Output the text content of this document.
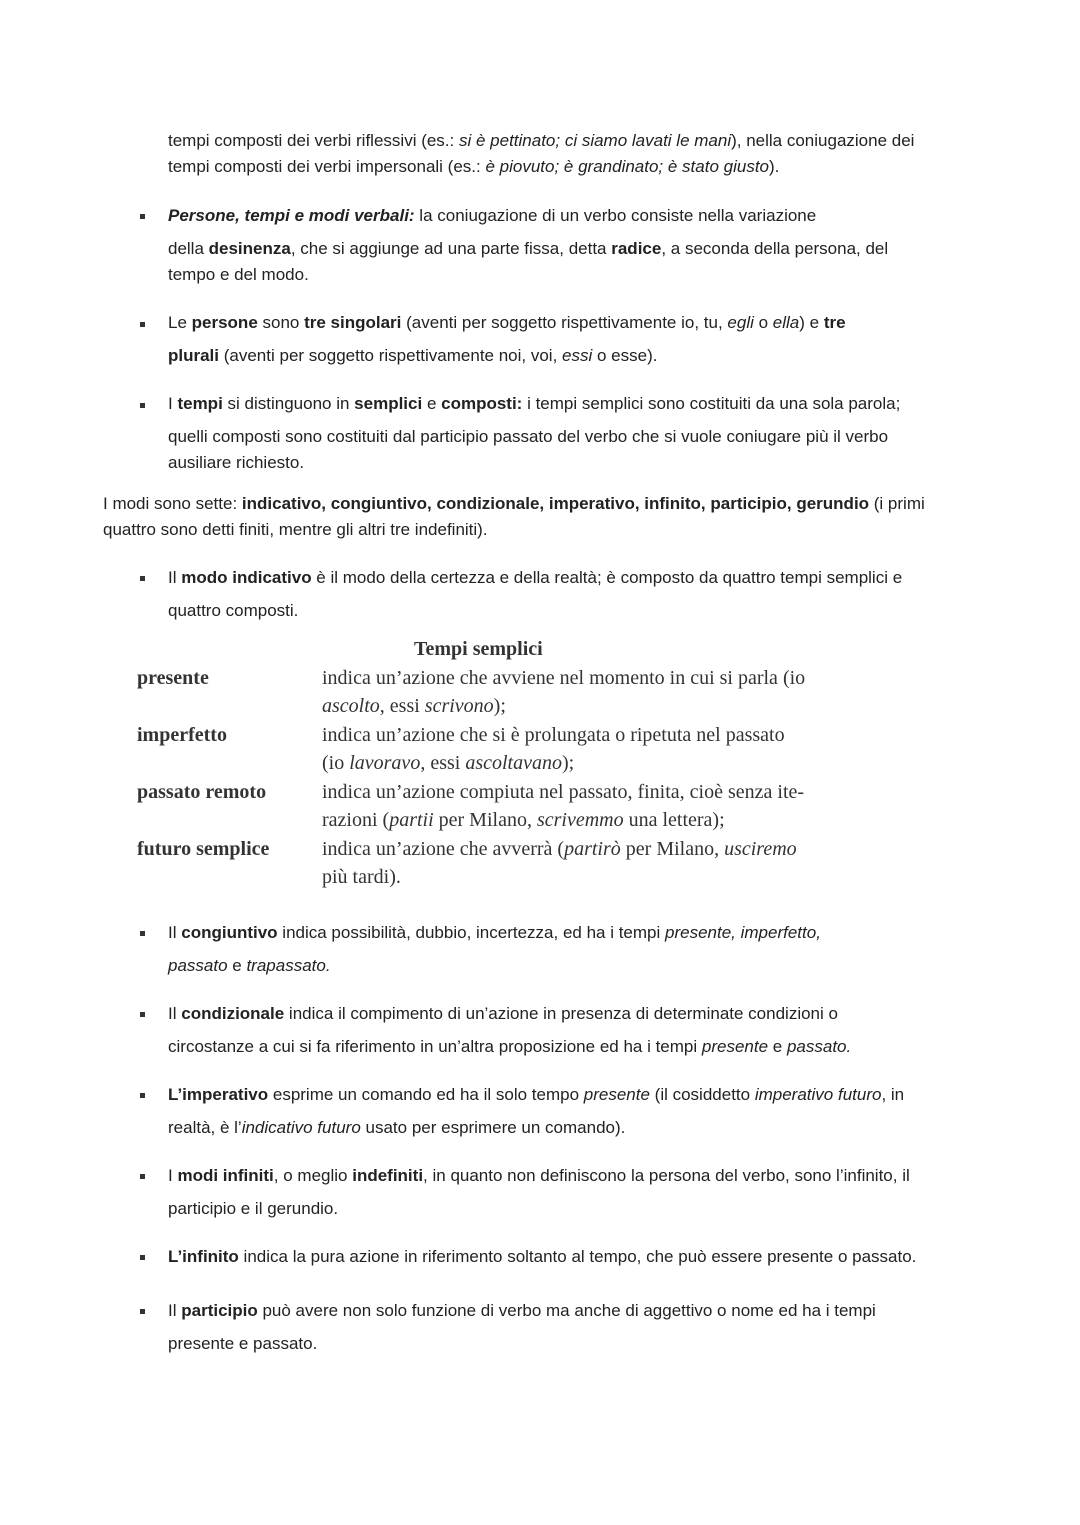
tempi composti dei verbi riflessivi (es.: si è pettinato; ci siamo lavati le mani), nella coniugazione dei
tempi composti dei verbi impersonali (es.: è piovuto; è grandinato; è stato giusto).
Persone, tempi e modi verbali: la coniugazione di un verbo consiste nella variazione
della desinenza, che si aggiunge ad una parte fissa, detta radice, a seconda della persona, del
tempo e del modo.
Le persone sono tre singolari (aventi per soggetto rispettivamente io, tu, egli o ella) e tre
plurali (aventi per soggetto rispettivamente noi, voi, essi o esse).
I tempi si distinguono in semplici e composti: i tempi semplici sono costituiti da una sola parola;
quelli composti sono costituiti dal participio passato del verbo che si vuole coniugare più il verbo
ausiliare richiesto.
I modi sono sette: indicativo, congiuntivo, condizionale, imperativo, infinito, participio, gerundio (i primi
quattro sono detti finiti, mentre gli altri tre indefiniti).
Il modo indicativo è il modo della certezza e della realtà; è composto da quattro tempi semplici e
quattro composti.
Tempi semplici
presente	indica un’azione che avviene nel momento in cui si parla (io
ascolto, essi scrivono);
imperfetto	indica un’azione che si è prolungata o ripetuta nel passato
(io lavoravo, essi ascoltavano);
passato remoto	indica un’azione compiuta nel passato, finita, cioè senza ite-
razioni (partii per Milano, scrivemmo una lettera);
futuro semplice	indica un’azione che avverrà (partirò per Milano, usciremo
più tardi).
Il congiuntivo indica possibilità, dubbio, incertezza, ed ha i tempi presente, imperfetto,
passato e trapassato.
Il condizionale indica il compimento di un’azione in presenza di determinate condizioni o
circostanze a cui si fa riferimento in un’altra proposizione ed ha i tempi presente e passato.
L’imperativo esprime un comando ed ha il solo tempo presente (il cosiddetto imperativo futuro, in
realtà, è l’indicativo futuro usato per esprimere un comando).
I modi infiniti, o meglio indefiniti, in quanto non definiscono la persona del verbo, sono l’infinito, il
participio e il gerundio.
L’infinito indica la pura azione in riferimento soltanto al tempo, che può essere presente o passato.
Il participio può avere non solo funzione di verbo ma anche di aggettivo o nome ed ha i tempi
presente e passato.
